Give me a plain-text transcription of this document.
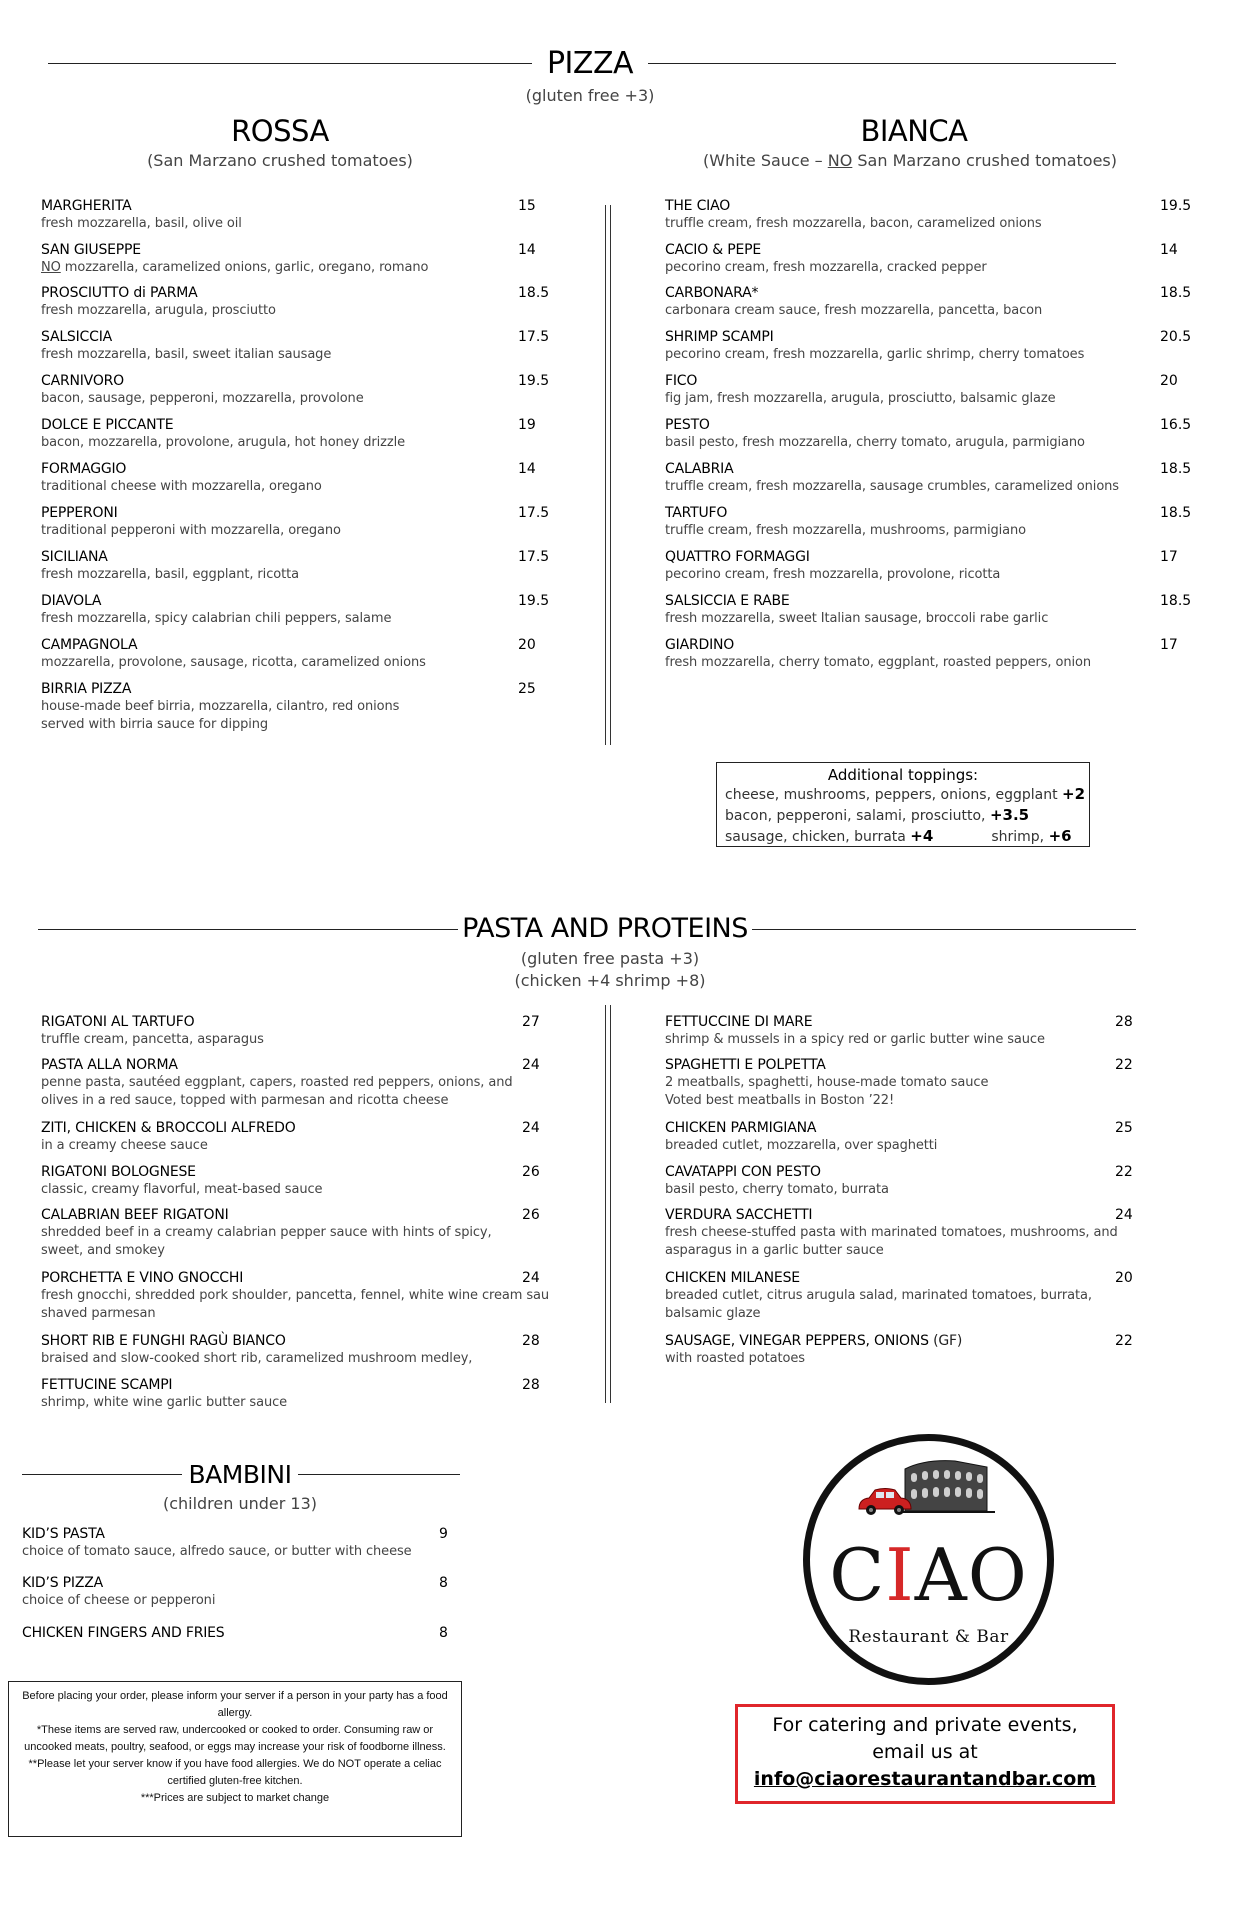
PIZZA
(gluten free +3)
ROSSA
(San Marzano crushed tomatoes)
BIANCA
(White Sauce – NO San Marzano crushed tomatoes)
MARGHERITA
fresh mozzarella, basil, olive oil
15
SAN GIUSEPPE
NO mozzarella, caramelized onions, garlic, oregano, romano
14
PROSCIUTTO di PARMA
fresh mozzarella, arugula, prosciutto
18.5
SALSICCIA
fresh mozzarella, basil, sweet italian sausage
17.5
CARNIVORO
bacon, sausage, pepperoni, mozzarella, provolone
19.5
DOLCE E PICCANTE
bacon, mozzarella, provolone, arugula, hot honey drizzle
19
FORMAGGIO
traditional cheese with mozzarella, oregano
14
PEPPERONI
traditional pepperoni with mozzarella, oregano
17.5
SICILIANA
fresh mozzarella, basil, eggplant, ricotta
17.5
DIAVOLA
fresh mozzarella, spicy calabrian chili peppers, salame
19.5
CAMPAGNOLA
mozzarella, provolone, sausage, ricotta, caramelized onions
20
BIRRIA PIZZA
house-made beef birria, mozzarella, cilantro, red onions
served with birria sauce for dipping
25
THE CIAO
truffle cream, fresh mozzarella, bacon, caramelized onions
19.5
CACIO & PEPE
pecorino cream, fresh mozzarella, cracked pepper
14
CARBONARA*
carbonara cream sauce, fresh mozzarella, pancetta, bacon
18.5
SHRIMP SCAMPI
pecorino cream, fresh mozzarella, garlic shrimp, cherry tomatoes
20.5
FICO
fig jam, fresh mozzarella, arugula, prosciutto, balsamic glaze
20
PESTO
basil pesto, fresh mozzarella, cherry tomato, arugula, parmigiano
16.5
CALABRIA
truffle cream, fresh mozzarella, sausage crumbles, caramelized onions
18.5
TARTUFO
truffle cream, fresh mozzarella, mushrooms, parmigiano
18.5
QUATTRO FORMAGGI
pecorino cream, fresh mozzarella, provolone, ricotta
17
SALSICCIA E RABE
fresh mozzarella, sweet Italian sausage, broccoli rabe garlic
18.5
GIARDINO
fresh mozzarella, cherry tomato, eggplant, roasted peppers, onion
17
Additional toppings:
cheese, mushrooms, peppers, onions, eggplant +2
bacon, pepperoni, salami, prosciutto, +3.5
sausage, chicken, burrata +4	shrimp, +6
PASTA AND PROTEINS
(gluten free pasta +3)
(chicken +4 shrimp +8)
RIGATONI AL TARTUFO
truffle cream, pancetta, asparagus
27
PASTA ALLA NORMA
penne pasta, sautéed eggplant, capers, roasted red peppers, onions, and
olives in a red sauce, topped with parmesan and ricotta cheese
24
ZITI, CHICKEN & BROCCOLI ALFREDO
in a creamy cheese sauce
24
RIGATONI BOLOGNESE
classic, creamy flavorful, meat-based sauce
26
CALABRIAN BEEF RIGATONI
shredded beef in a creamy calabrian pepper sauce with hints of spicy,
sweet, and smokey
26
PORCHETTA E VINO GNOCCHI
fresh gnocchi, shredded pork shoulder, pancetta, fennel, white wine cream sau
shaved parmesan
24
SHORT RIB E FUNGHI RAGÙ BIANCO
braised and slow-cooked short rib, caramelized mushroom medley,
28
FETTUCINE SCAMPI
shrimp, white wine garlic butter sauce
28
FETTUCCINE DI MARE
shrimp & mussels in a spicy red or garlic butter wine sauce
28
SPAGHETTI E POLPETTA
2 meatballs, spaghetti, house-made tomato sauce
Voted best meatballs in Boston ’22!
22
CHICKEN PARMIGIANA
breaded cutlet, mozzarella, over spaghetti
25
CAVATAPPI CON PESTO
basil pesto, cherry tomato, burrata
22
VERDURA SACCHETTI
fresh cheese-stuffed pasta with marinated tomatoes, mushrooms, and
asparagus in a garlic butter sauce
24
CHICKEN MILANESE
breaded cutlet, citrus arugula salad, marinated tomatoes, burrata,
balsamic glaze
20
SAUSAGE, VINEGAR PEPPERS, ONIONS (GF)
with roasted potatoes
22
BAMBINI
(children under 13)
KID’S PASTA
choice of tomato sauce, alfredo sauce, or butter with cheese
9
KID’S PIZZA
choice of cheese or pepperoni
8
CHICKEN FINGERS AND FRIES	8
Before placing your order, please inform your server if a person in your party has a food allergy.
*These items are served raw, undercooked or cooked to order. Consuming raw or uncooked meats, poultry, seafood, or eggs may increase your risk of foodborne illness.
**Please let your server know if you have food allergies. We do NOT operate a celiac certified gluten-free kitchen.
***Prices are subject to market change
CIAO
Restaurant & Bar
For catering and private events,
email us at
info@ciaorestaurantandbar.com
